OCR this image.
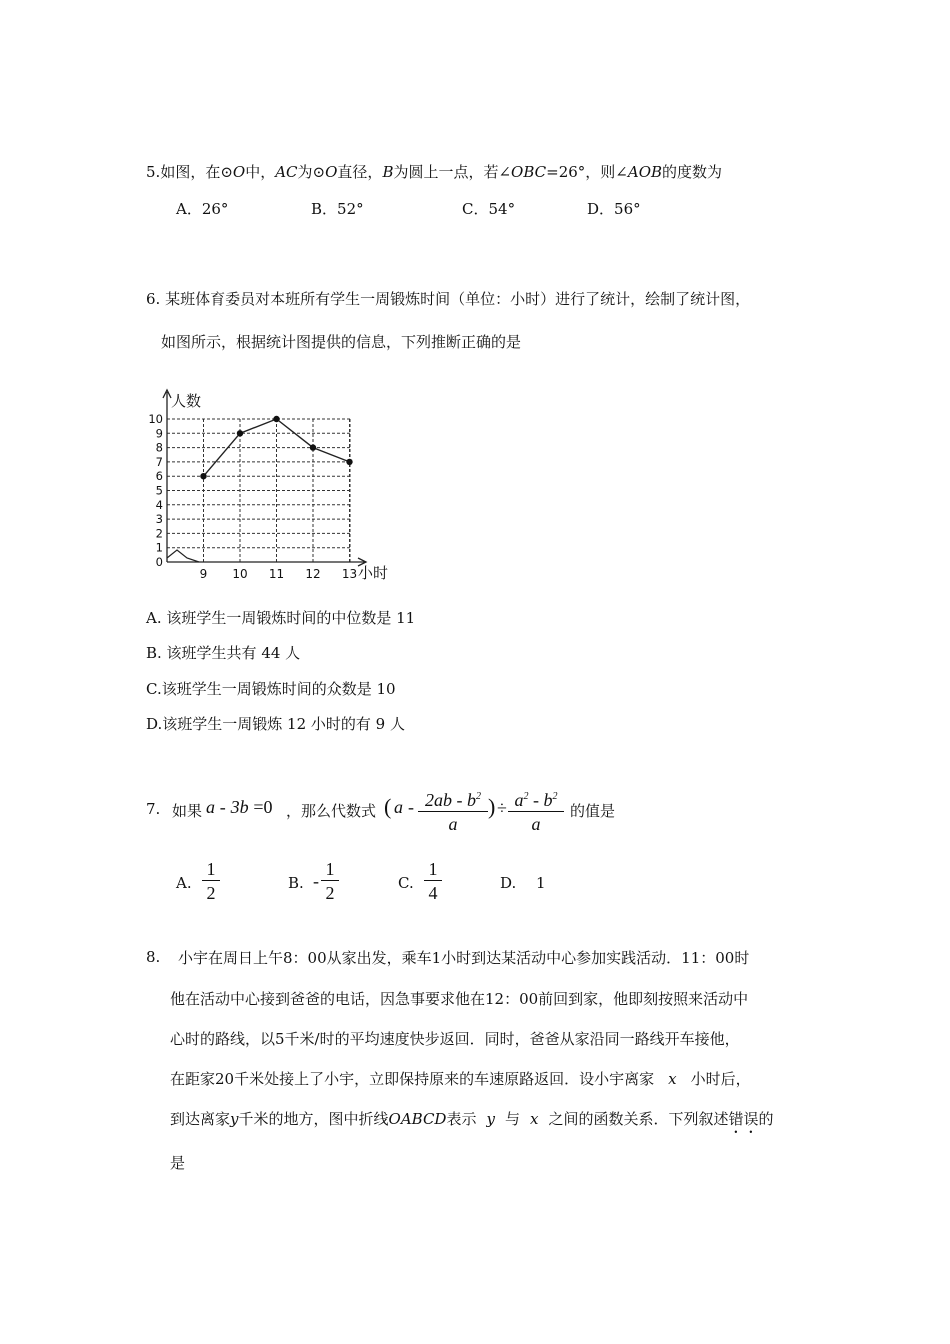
5.如图，在⊙O中，AC为⊙O直径，B为圆上一点，若∠OBC=26°，则∠AOB的度数为
A．26°	B．52°	C．54°	D．56°
6. 某班体育委员对本班所有学生一周锻炼时间（单位：小时）进行了统计，绘制了统计图，
如图所示，根据统计图提供的信息，下列推断正确的是
人数
小时
0
1
2
3
4
5
6
7
8
9
10
9 10 11 12 13
A. 该班学生一周锻炼时间的中位数是 11
B. 该班学生共有 44 人
C.该班学生一周锻炼时间的众数是 10
D.该班学生一周锻炼 12 小时的有 9 人
7. 如果 a - 3b =0 ，那么代数式 ( a - $2ab - b^2$
a
) ÷ $a^2 - b^2$
a
的值是
A.
1
2	B. -
1
2	C.
1
4	D. 1
8. 小宇在周日上午8：00从家出发，乘车1小时到达某活动中心参加实践活动．11：00时
他在活动中心接到爸爸的电话，因急事要求他在12：00前回到家，他即刻按照来活动中
心时的路线，以5千米/时的平均速度快步返回．同时，爸爸从家沿同一路线开车接他，
在距家20千米处接上了小宇，立即保持原来的车速原路返回．设小宇离家 x 小时后，
到达离家y千米的地方，图中折线OABCD表示 y 与 x 之间的函数关系．下列叙述错误的
是
